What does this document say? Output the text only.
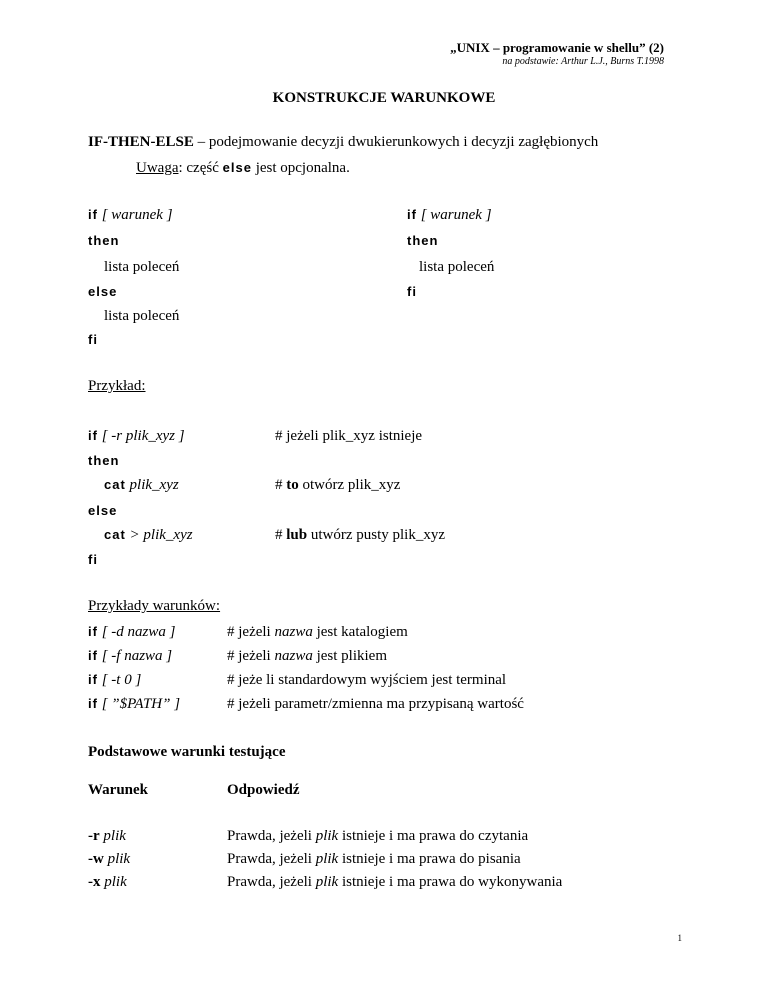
„UNIX – programowanie w shellu” (2)
na podstawie: Arthur L.J., Burns T.1998
KONSTRUKCJE WARUNKOWE
IF-THEN-ELSE – podejmowanie decyzji dwukierunkowych i decyzji zagłębionych
Uwaga: część else jest opcjonalna.
if [ warunek ]
then
lista poleceń
else
lista poleceń
fi
if [ warunek ]
then
lista poleceń
fi
Przykład:
if [ -r plik_xyz ]	# jeżeli plik_xyz istnieje
then
cat plik_xyz	# to otwórz plik_xyz
else
cat > plik_xyz	# lub utwórz pusty plik_xyz
fi
Przykłady warunków:
if [ -d nazwa ]	# jeżeli nazwa jest katalogiem
if [ -f nazwa ]	# jeżeli nazwa jest plikiem
if [ -t 0 ]	# jeże li standardowym wyjściem jest terminal
if [ ”$PATH” ]	# jeżeli parametr/zmienna ma przypisaną wartość
Podstawowe warunki testujące
Warunek	Odpowiedź
-r plik	Prawda, jeżeli plik istnieje i ma prawa do czytania
-w plik	Prawda, jeżeli plik istnieje i ma prawa do pisania
-x plik	Prawda, jeżeli plik istnieje i ma prawa do wykonywania
1
